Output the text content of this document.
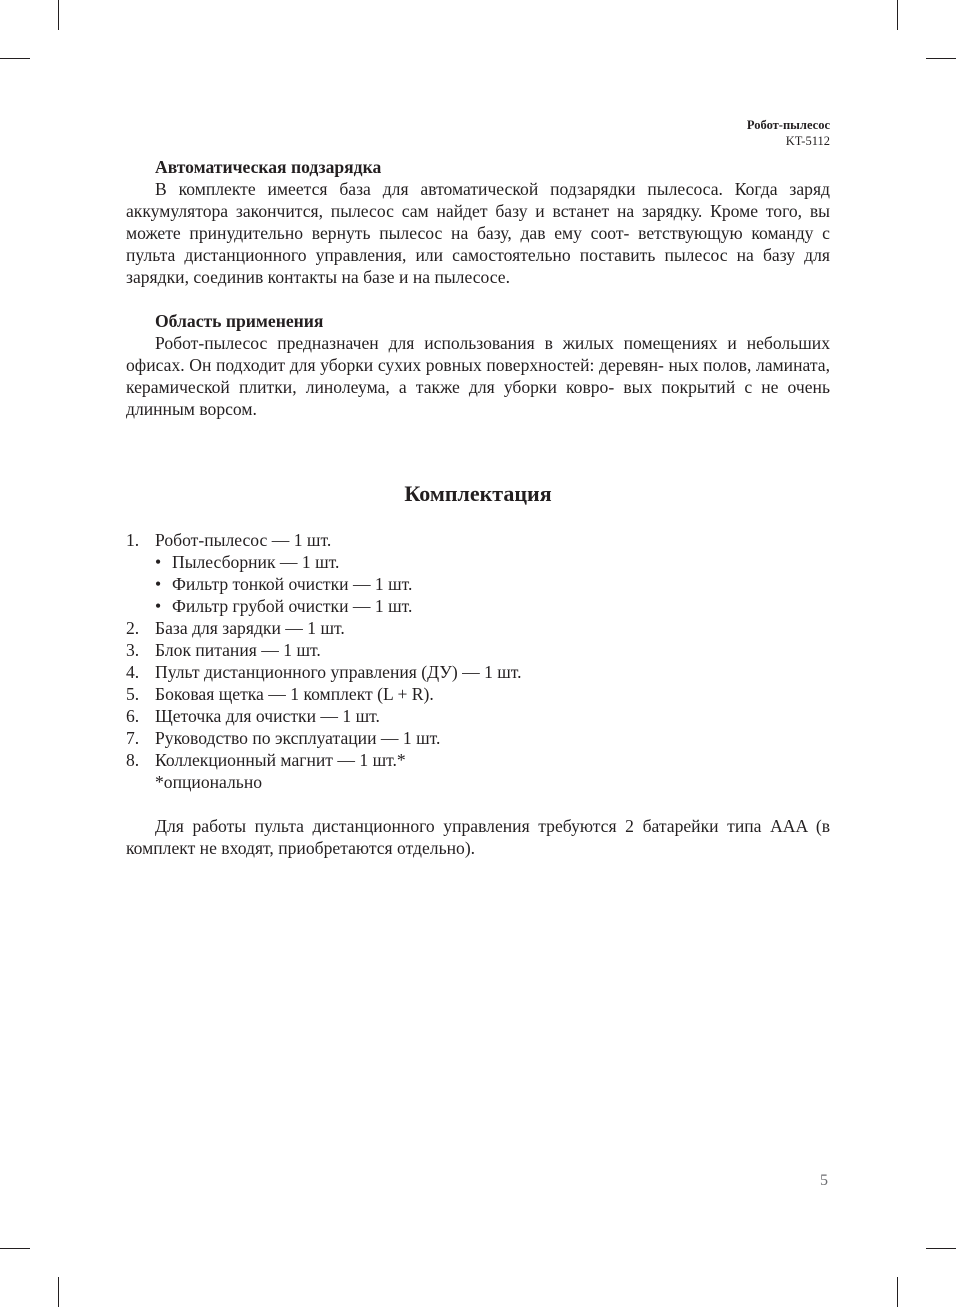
Робот-пылесос
KT-5112
Автоматическая подзарядка

В комплекте имеется база для автоматической подзарядки пылесоса. Когда заряд аккумулятора закончится, пылесос сам найдет базу и встанет на зарядку. Кроме того, вы можете принудительно вернуть пылесос на базу, дав ему соот- ветствующую команду с пульта дистанционного управления, или самостоятельно поставить пылесос на базу для зарядки, соединив контакты на базе и на пылесосе.

Область применения

Робот-пылесос предназначен для использования в жилых помещениях и небольших офисах. Он подходит для уборки сухих ровных поверхностей: деревян- ных полов, ламината, керамической плитки, линолеума, а также для уборки ковро- вых покрытий с не очень длинным ворсом.

Комплектация
1. Робот-пылесос — 1 шт.
• Пылесборник — 1 шт.
• Фильтр тонкой очистки — 1 шт.
• Фильтр грубой очистки — 1 шт.
2. База для зарядки — 1 шт.
3. Блок питания — 1 шт.
4. Пульт дистанционного управления (ДУ) — 1 шт.
5. Боковая щетка — 1 комплект (L + R).
6. Щеточка для очистки — 1 шт.
7. Руководство по эксплуатации — 1 шт.
8. Коллекционный магнит — 1 шт.*
*опционально

Для работы пульта дистанционного управления требуются 2 батарейки типа AAA (в комплект не входят, приобретаются отдельно).

5
